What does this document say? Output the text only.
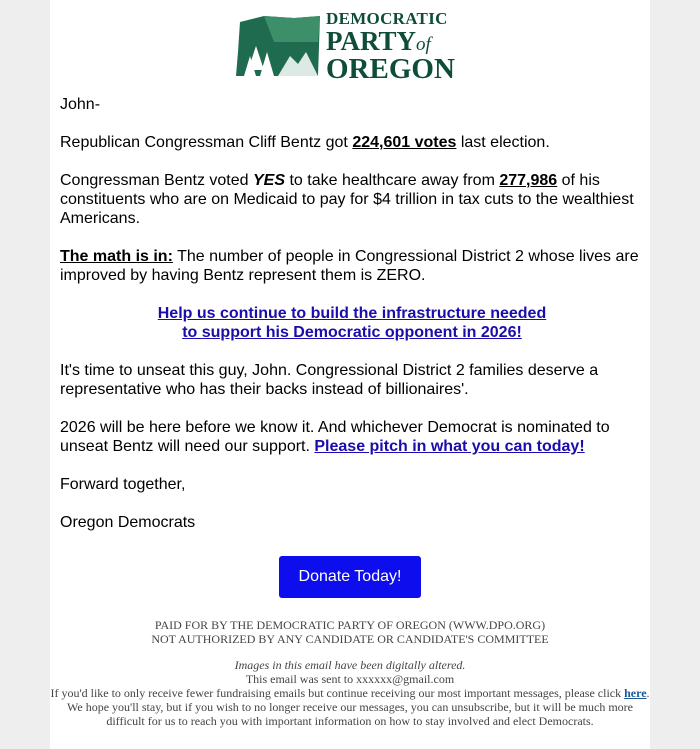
DEMOCRATIC
PARTYof
OREGON

John-

Republican Congressman Cliff Bentz got 224,601 votes last election.

Congressman Bentz voted YES to take healthcare away from 277,986 of his constituents who are on Medicaid to pay for $4 trillion in tax cuts to the wealthiest Americans.

The math is in: The number of people in Congressional District 2 whose lives are improved by having Bentz represent them is ZERO.

Help us continue to build the infrastructure needed
to support his Democratic opponent in 2026!

It's time to unseat this guy, John. Congressional District 2 families deserve a representative who has their backs instead of billionaires'.

2026 will be here before we know it. And whichever Democrat is nominated to unseat Bentz will need our support. Please pitch in what you can today!

Forward together,

Oregon Democrats

Donate Today!
PAID FOR BY THE DEMOCRATIC PARTY OF OREGON (WWW.DPO.ORG)
NOT AUTHORIZED BY ANY CANDIDATE OR CANDIDATE'S COMMITTEE
Images in this email have been digitally altered.
This email was sent to xxxxxx@gmail.com
If you'd like to only receive fewer fundraising emails but continue receiving our most important messages, please click here. We hope you'll stay, but if you wish to no longer receive our messages, you can unsubscribe, but it will be much more difficult for us to reach you with important information on how to stay involved and elect Democrats.
